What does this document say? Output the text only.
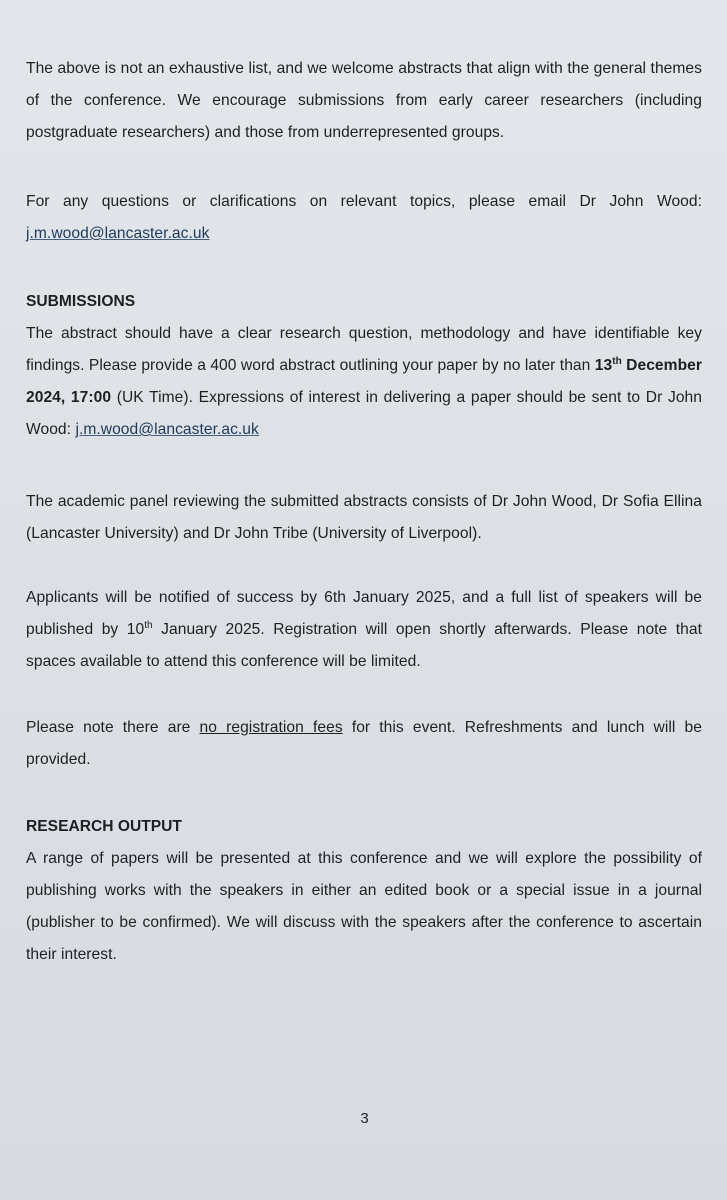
The above is not an exhaustive list, and we welcome abstracts that align with the general themes of the conference. We encourage submissions from early career researchers (including postgraduate researchers) and those from underrepresented groups.

For any questions or clarifications on relevant topics, please email Dr John Wood: j.m.wood@lancaster.ac.uk

SUBMISSIONS

The abstract should have a clear research question, methodology and have identifiable key findings. Please provide a 400 word abstract outlining your paper by no later than 13th December 2024, 17:00 (UK Time). Expressions of interest in delivering a paper should be sent to Dr John Wood: j.m.wood@lancaster.ac.uk

The academic panel reviewing the submitted abstracts consists of Dr John Wood, Dr Sofia Ellina (Lancaster University) and Dr John Tribe (University of Liverpool).

Applicants will be notified of success by 6th January 2025, and a full list of speakers will be published by 10th January 2025. Registration will open shortly afterwards. Please note that spaces available to attend this conference will be limited.

Please note there are no registration fees for this event. Refreshments and lunch will be provided.

RESEARCH OUTPUT

A range of papers will be presented at this conference and we will explore the possibility of publishing works with the speakers in either an edited book or a special issue in a journal (publisher to be confirmed). We will discuss with the speakers after the conference to ascertain their interest.

3
